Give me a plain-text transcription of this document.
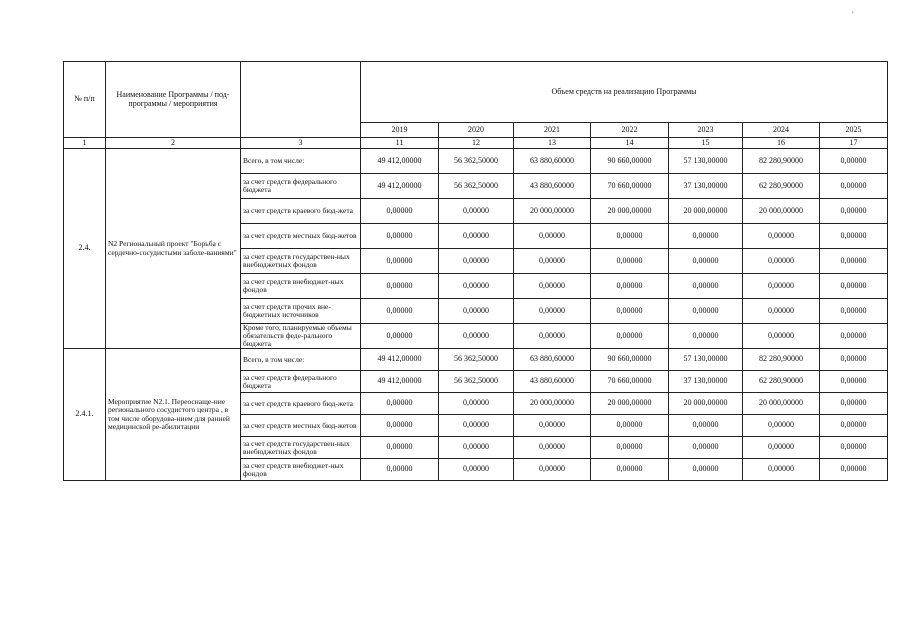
'
№ п/п	Наименование Программы / под-программы / мероприятия		Объем средств на реализацию Программы						
			2019	2020	2021	2022	2023	2024	2025
1	2	3	11	12	13	14	15	16	17
2.4.	N2 Региональный проект "Борьба с сердечно-сосудистыми заболе-ваниями"	Всего, в том числе:	49 412,00000	56 362,50000	63 880,60000	90 660,00000	57 130,00000	82 280,90000	0,00000
		за счет средств федерального бюджета	49 412,00000	56 362,50000	43 880,60000	70 660,00000	37 130,00000	62 280,90000	0,00000
		за счет средств краевого бюд-жета	0,00000	0,00000	20 000,00000	20 000,00000	20 000,00000	20 000,00000	0,00000
		за счет средств местных бюд-жетов	0,00000	0,00000	0,00000	0,00000	0,00000	0,00000	0,00000
		за счет средств государствен-ных внебюджетных фондов	0,00000	0,00000	0,00000	0,00000	0,00000	0,00000	0,00000
		за счет средств внебюджет-ных фондов	0,00000	0,00000	0,00000	0,00000	0,00000	0,00000	0,00000
		за счет средств прочих вне-бюджетных источников	0,00000	0,00000	0,00000	0,00000	0,00000	0,00000	0,00000
		Кроме того, планируемые объемы обязательств феде-рального бюджета	0,00000	0,00000	0,00000	0,00000	0,00000	0,00000	0,00000
2.4.1.	Мероприятие N2.1. Переоснаще-ние регионального сосудистого центра , в том числе оборудова-нием для ранней медицинской ре-абилитации	Всего, в том числе:	49 412,00000	56 362,50000	63 880,60000	90 660,00000	57 130,00000	82 280,90000	0,00000
		за счет средств федерального бюджета	49 412,00000	56 362,50000	43 880,60000	70 660,00000	37 130,00000	62 280,90000	0,00000
		за счет средств краевого бюд-жета	0,00000	0,00000	20 000,00000	20 000,00000	20 000,00000	20 000,00000	0,00000
		за счет средств местных бюд-жетов	0,00000	0,00000	0,00000	0,00000	0,00000	0,00000	0,00000
		за счет средств государствен-ных внебюджетных фондов	0,00000	0,00000	0,00000	0,00000	0,00000	0,00000	0,00000
		за счет средств внебюджет-ных фондов	0,00000	0,00000	0,00000	0,00000	0,00000	0,00000	0,00000
